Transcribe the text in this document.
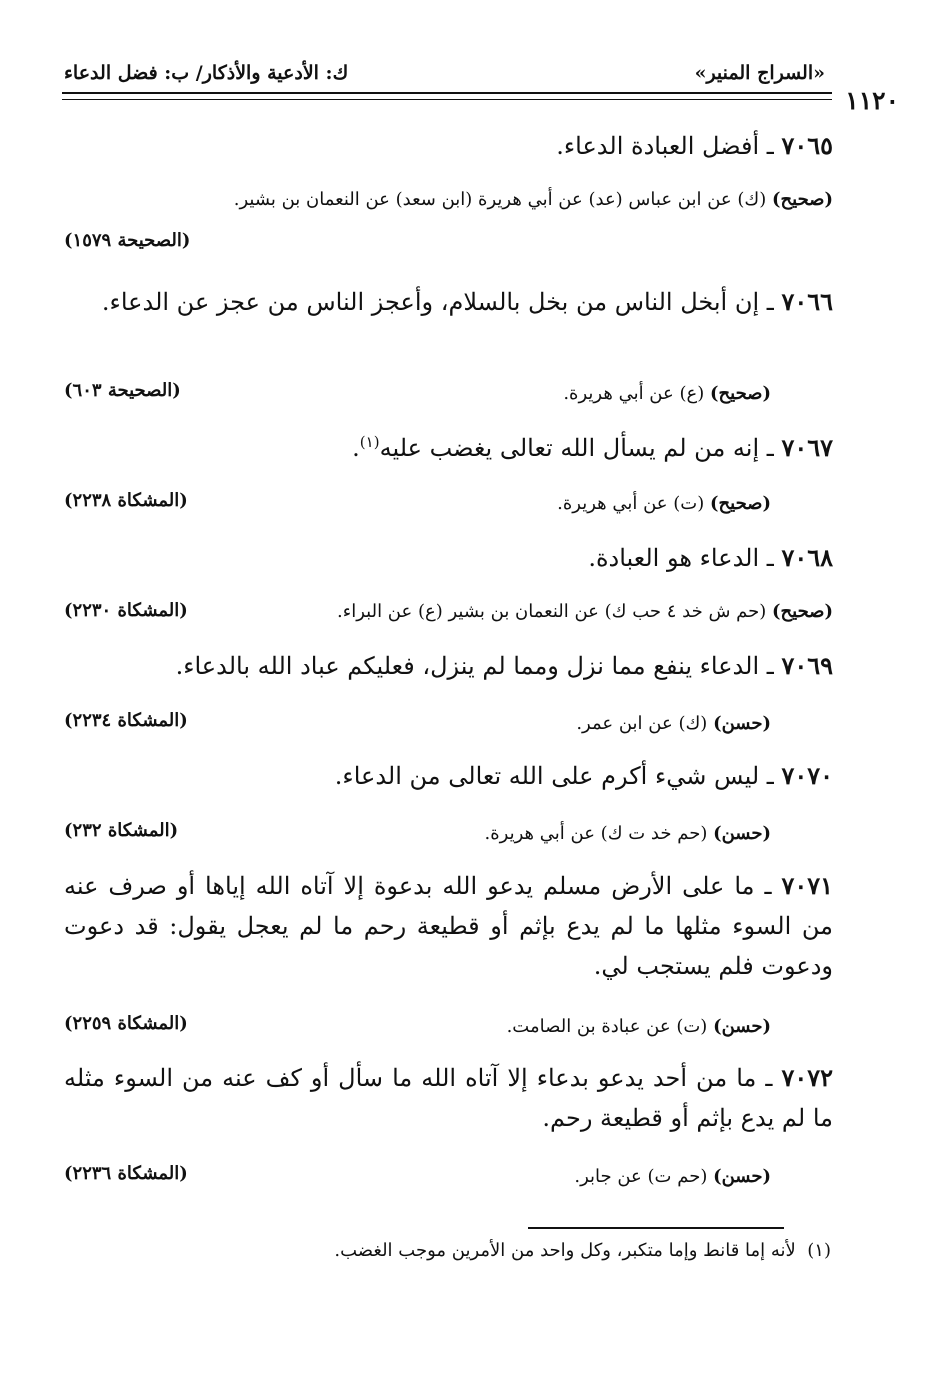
١١٢٠
«السراج المنير»
ك: الأدعية والأذكار/ ب: فضل الدعاء
٧٠٦٥ ـ أفضل العبادة الدعاء.
(صحيح) (ك) عن ابن عباس (عد) عن أبي هريرة (ابن سعد) عن النعمان بن بشير.
(الصحيحة ١٥٧٩)
٧٠٦٦ ـ إن أبخل الناس من بخل بالسلام، وأعجز الناس من عجز عن الدعاء.
(صحيح) (ع) عن أبي هريرة.
(الصحيحة ٦٠٣)
٧٠٦٧ ـ إنه من لم يسأل الله تعالى يغضب عليه$^{(١)}$.
(صحيح) (ت) عن أبي هريرة.
(المشكاة ٢٢٣٨)
٧٠٦٨ ـ الدعاء هو العبادة.
(صحيح) (حم ش خد ٤ حب ك) عن النعمان بن بشير (ع) عن البراء.
(المشكاة ٢٢٣٠)
٧٠٦٩ ـ الدعاء ينفع مما نزل ومما لم ينزل، فعليكم عباد الله بالدعاء.
(حسن) (ك) عن ابن عمر.
(المشكاة ٢٢٣٤)
٧٠٧٠ ـ ليس شيء أكرم على الله تعالى من الدعاء.
(حسن) (حم خد ت ك) عن أبي هريرة.
(المشكاة ٢٣٢)
٧٠٧١ ـ ما على الأرض مسلم يدعو الله بدعوة إلا آتاه الله إياها أو صرف عنه من السوء مثلها ما لم يدع بإثم أو قطيعة رحم ما لم يعجل يقول: قد دعوت ودعوت فلم يستجب لي.
(حسن) (ت) عن عبادة بن الصامت.
(المشكاة ٢٢٥٩)
٧٠٧٢ ـ ما من أحد يدعو بدعاء إلا آتاه الله ما سأل أو كف عنه من السوء مثله ما لم يدع بإثم أو قطيعة رحم.
(حسن) (حم ت) عن جابر.
(المشكاة ٢٢٣٦)
(١)  لأنه إما قانط وإما متكبر، وكل واحد من الأمرين موجب الغضب.
